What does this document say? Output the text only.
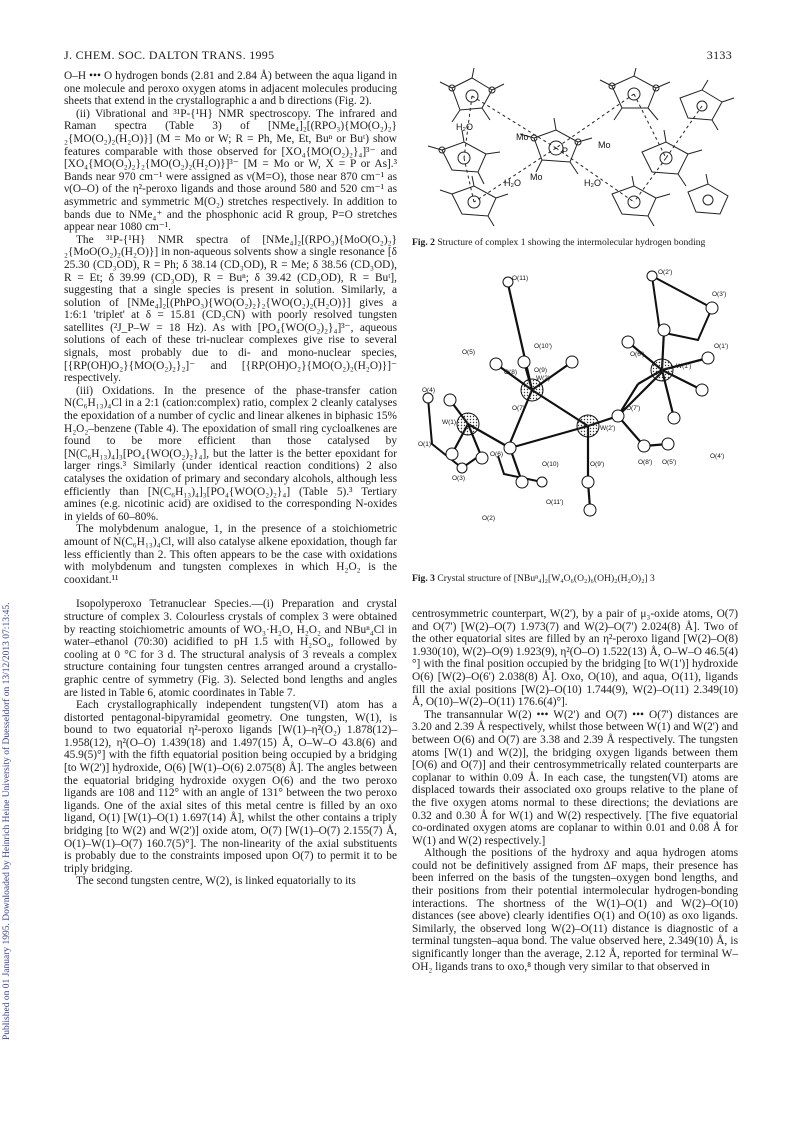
J. CHEM. SOC. DALTON TRANS. 1995	3133
Published on 01 January 1995. Downloaded by Heinrich Heine University of Duesseldorf on 13/12/2013 07:13:45.

O–H ••• O hydrogen bonds (2.81 and 2.84 Å) between the aqua ligand in one molecule and peroxo oxygen atoms in adjacent molecules producing sheets that extend in the crystallographic a and b directions (Fig. 2).

(ii) Vibrational and ³¹P-{¹H} NMR spectroscopy. The infrared and Raman spectra (Table 3) of [NMe₄]₂[(RPO₃){MO(O₂)₂}₂{MO(O₂)₂(H₂O)}] (M = Mo or W; R = Ph, Me, Et, Buⁿ or Buᵗ) show features comparable with those observed for [XO₄{MO(O₂)₂}₄]³⁻ and [XO₄{MO(O₂)₂}₂{MO(O₂)₂(H₂O)}]³⁻ [M = Mo or W, X = P or As].³ Bands near 970 cm⁻¹ were assigned as ν(M=O), those near 870 cm⁻¹ as ν(O–O) of the η²-peroxo ligands and those around 580 and 520 cm⁻¹ as asymmetric and symmetric M(O₂) stretches respectively. In addition to bands due to NMe₄⁺ and the phosphonic acid R group, P=O stretches appear near 1080 cm⁻¹.

The ³¹P-{¹H} NMR spectra of [NMe₄]₂[(RPO₃){MoO(O₂)₂}₂{MoO(O₂)₂(H₂O)}] in non-aqueous solvents show a single resonance [δ 25.30 (CD₃OD), R = Ph; δ 38.14 (CD₃OD), R = Me; δ 38.56 (CD₃OD), R = Et; δ 39.99 (CD₃OD), R = Buⁿ; δ 39.42 (CD₃OD), R = Buᵗ], suggesting that a single species is present in solution. Similarly, a solution of [NMe₄]₂[(PhPO₃){WO(O₂)₂}₂{WO(O₂)₂(H₂O)}] gives a 1:6:1 'triplet' at δ = 15.81 (CD₃CN) with poorly resolved tungsten satellites (²J_P–W = 18 Hz). As with [PO₄{WO(O₂)₂}₄]³⁻, aqueous solutions of each of these tri-nuclear complexes give rise to several signals, most probably due to di- and mono-nuclear species, [{RP(OH)O₂}{MO(O₂)₂}₂]⁻ and [{RP(OH)O₂}{MO(O₂)₂(H₂O)}]⁻ respectively.

(iii) Oxidations. In the presence of the phase-transfer cation N(C₆H₁₃)₄Cl in a 2:1 (cation:complex) ratio, complex 2 cleanly catalyses the epoxidation of a number of cyclic and linear alkenes in biphasic 15% H₂O₂–benzene (Table 4). The epoxidation of small ring cycloalkenes are found to be more efficient than those catalysed by [N(C₆H₁₃)₄]₃[PO₄{WO(O₂)₂}₄], but the latter is the better epoxidant for larger rings.³ Similarly (under identical reaction conditions) 2 also catalyses the oxidation of primary and secondary alcohols, although less efficiently than [N(C₆H₁₃)₄]₃[PO₄{WO(O₂)₂}₄] (Table 5).³ Tertiary amines (e.g. nicotinic acid) are oxidised to the corresponding N-oxides in yields of 60–80%.

The molybdenum analogue, 1, in the presence of a stoichiometric amount of N(C₆H₁₃)₄Cl, will also catalyse alkene epoxidation, though far less efficiently than 2. This often appears to be the case with oxidations with molybdenum and tungsten complexes in which H₂O₂ is the cooxidant.¹¹

Isopolyperoxo Tetranuclear Species.—(i) Preparation and crystal structure of complex 3. Colourless crystals of complex 3 were obtained by reacting stoichiometric amounts of WO₃·H₂O, H₂O₂ and NBuⁿ₄Cl in water–ethanol (70:30) acidified to pH 1.5 with H₂SO₄, followed by cooling at 0 °C for 3 d. The structural analysis of 3 reveals a complex structure containing four tungsten centres arranged around a crystallo-graphic centre of symmetry (Fig. 3). Selected bond lengths and angles are listed in Table 6, atomic coordinates in Table 7.

Each crystallographically independent tungsten(VI) atom has a distorted pentagonal-bipyramidal geometry. One tungsten, W(1), is bound to two equatorial η²-peroxo ligands [W(1)–η²(O₂) 1.878(12)–1.958(12), η²(O–O) 1.439(18) and 1.497(15) Å, O–W–O 43.8(6) and 45.9(5)°] with the fifth equatorial position being occupied by a bridging [to W(2')] hydroxide, O(6) [W(1)–O(6) 2.075(8) Å]. The angles between the equatorial bridging hydroxide oxygen O(6) and the two peroxo ligands are 108 and 112° with an angle of 131° between the two peroxo ligands. One of the axial sites of this metal centre is filled by an oxo ligand, O(1) [W(1)–O(1) 1.697(14) Å], whilst the other contains a triply bridging [to W(2) and W(2')] oxide atom, O(7) [W(1)–O(7) 2.155(7) Å, O(1)–W(1)–O(7) 160.7(5)°]. The non-linearity of the axial substituents is probably due to the constraints imposed upon O(7) to permit it to be triply bridging.

The second tungsten centre, W(2), is linked equatorially to its

H₂O
Mo
Mo
P
H₂O
Mo
H₂O
Fig. 2 Structure of complex 1 showing the intermolecular hydrogen bonding
O(11)
O(2')
O(10')
O(3')
O(5)
O(9)
O(8)
O(6')
O(1')
O(4)
W(2)
W(1')
O(7)	O(7')
W(2')
W(1)
O(6)	O(4')
O(1)
O(10)	O(8') O(5')
O(3)
O(9')
O(11')
O(2)
Fig. 3 Crystal structure of [NBuⁿ₄]₂[W₄O₆(O₂)₆(OH)₂(H₂O)₂] 3

centrosymmetric counterpart, W(2'), by a pair of μ₃-oxide atoms, O(7) and O(7') [W(2)–O(7) 1.973(7) and W(2)–O(7') 2.024(8) Å]. Two of the other equatorial sites are filled by an η²-peroxo ligand [W(2)–O(8) 1.930(10), W(2)–O(9) 1.923(9), η²(O–O) 1.522(13) Å, O–W–O 46.5(4)°] with the final position occupied by the bridging [to W(1')] hydroxide O(6) [W(2)–O(6') 2.038(8) Å]. Oxo, O(10), and aqua, O(11), ligands fill the axial positions [W(2)–O(10) 1.744(9), W(2)–O(11) 2.349(10) Å, O(10)–W(2)–O(11) 176.6(4)°].

The transannular W(2) ••• W(2') and O(7) ••• O(7') distances are 3.20 and 2.39 Å respectively, whilst those between W(1) and W(2') and between O(6) and O(7) are 3.38 and 2.39 Å respectively. The tungsten atoms [W(1) and W(2)], the bridging oxygen ligands between them [O(6) and O(7)] and their centrosymmetrically related counterparts are coplanar to within 0.09 Å. In each case, the tungsten(VI) atoms are displaced towards their associated oxo groups relative to the plane of the five oxygen atoms normal to these directions; the deviations are 0.32 and 0.30 Å for W(1) and W(2) respectively. [The five equatorial co-ordinated oxygen atoms are coplanar to within 0.01 and 0.08 Å for W(1) and W(2) respectively.]

Although the positions of the hydroxy and aqua hydrogen atoms could not be definitively assigned from ΔF maps, their presence has been inferred on the basis of the tungsten–oxygen bond lengths, and their positions from their potential intermolecular hydrogen-bonding interactions. The shortness of the W(1)–O(1) and W(2)–O(10) distances (see above) clearly identifies O(1) and O(10) as oxo ligands. Similarly, the observed long W(2)–O(11) distance is diagnostic of a terminal tungsten–aqua bond. The value observed here, 2.349(10) Å, is significantly longer than the average, 2.12 Å, reported for terminal W–OH₂ ligands trans to oxo,⁸ though very similar to that observed in
